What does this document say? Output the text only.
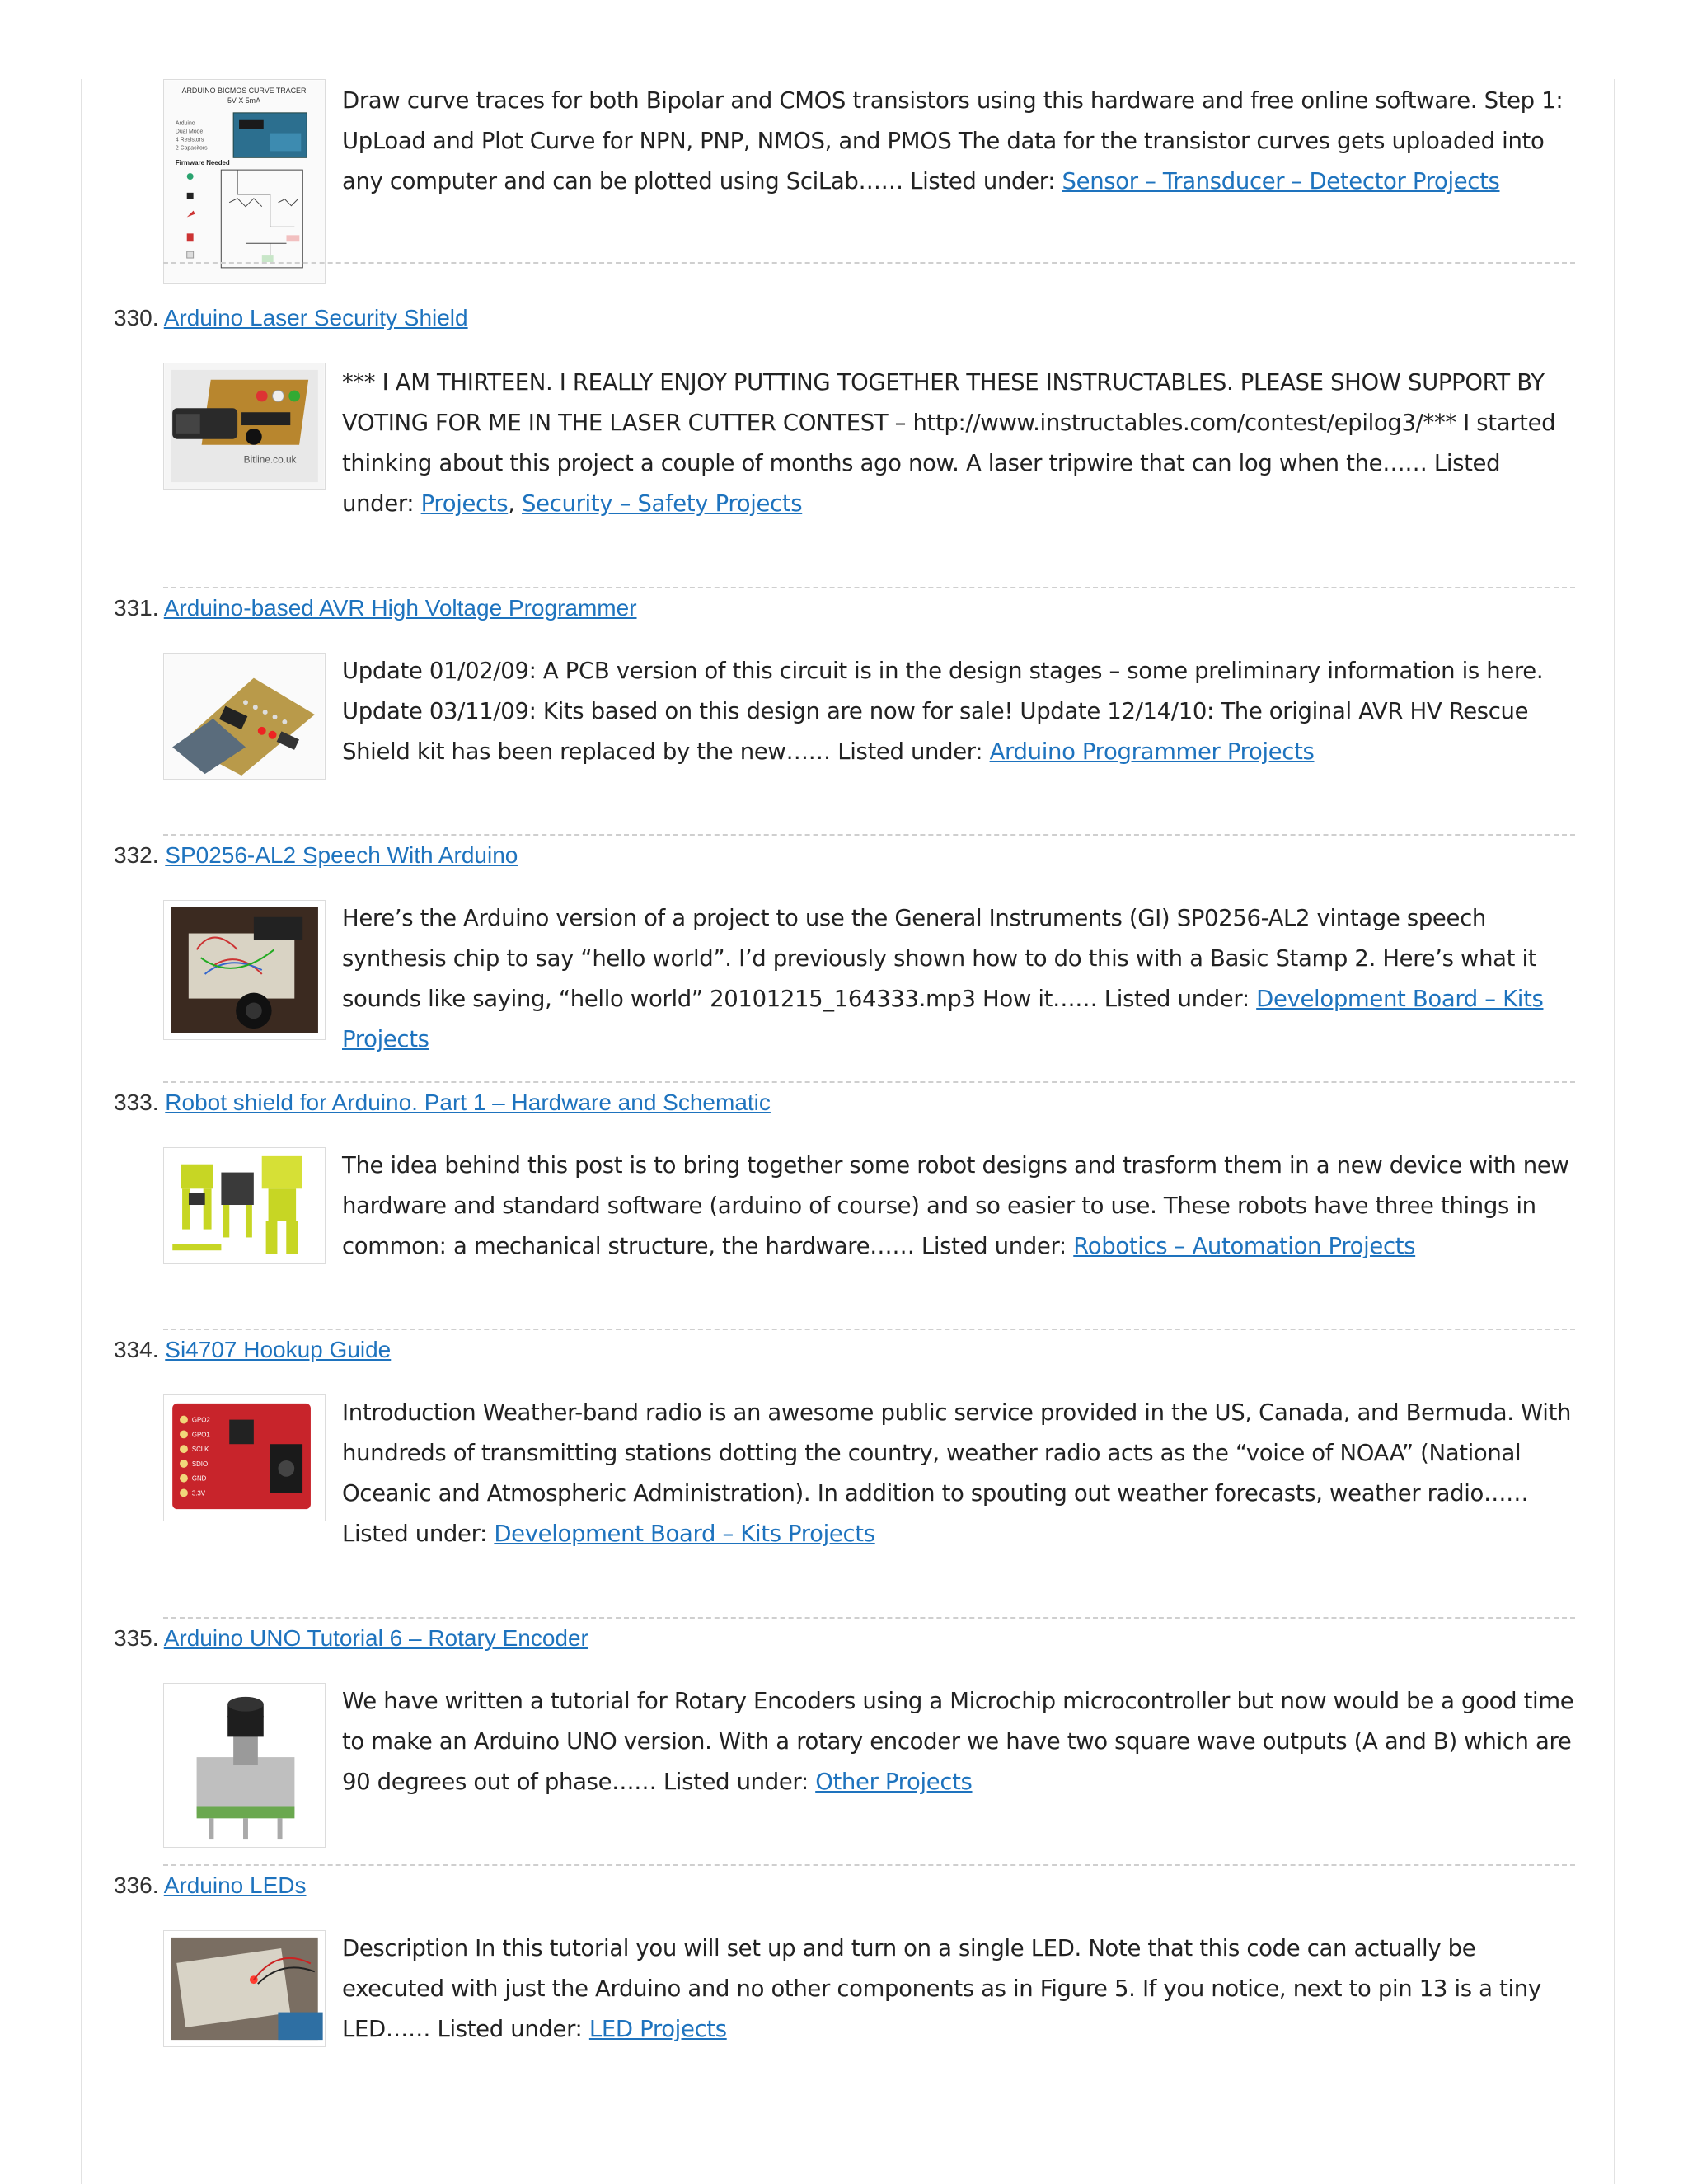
ARDUINO BICMOS CURVE TRACER
5V X 5mA
Arduino
Dual Mode
4 Resistors
2 Capacitors
Firmware Needed
Draw curve traces for both Bipolar and CMOS transistors using this hardware and free online software. Step 1: UpLoad and Plot Curve for NPN, PNP, NMOS, and PMOS The data for the transistor curves gets uploaded into any computer and can be plotted using SciLab…… Listed under: Sensor – Transducer – Detector Projects
330. Arduino Laser Security Shield
Bitline.co.uk
*** I AM THIRTEEN. I REALLY ENJOY PUTTING TOGETHER THESE INSTRUCTABLES. PLEASE SHOW SUPPORT BY VOTING FOR ME IN THE LASER CUTTER CONTEST – http://www.instructables.com/contest/epilog3/*** I started thinking about this project a couple of months ago now. A laser tripwire that can log when the…… Listed under: Projects, Security – Safety Projects
331. Arduino-based AVR High Voltage Programmer
Update 01/02/09: A PCB version of this circuit is in the design stages – some preliminary information is here. Update 03/11/09: Kits based on this design are now for sale! Update 12/14/10: The original AVR HV Rescue Shield kit has been replaced by the new…… Listed under: Arduino Programmer Projects
332. SP0256-AL2 Speech With Arduino
Here’s the Arduino version of a project to use the General Instruments (GI) SP0256-AL2 vintage speech synthesis chip to say “hello world”. I’d previously shown how to do this with a Basic Stamp 2. Here’s what it sounds like saying, “hello world” 20101215_164333.mp3 How it…… Listed under: Development Board – Kits Projects
333. Robot shield for Arduino. Part 1 – Hardware and Schematic
The idea behind this post is to bring together some robot designs and trasform them in a new device with new hardware and standard software (arduino of course) and so easier to use. These robots have three things in common: a mechanical structure, the hardware…… Listed under: Robotics – Automation Projects
334. Si4707 Hookup Guide
GPO2
GPO1
SCLK
SDIO
GND
3.3V
Introduction Weather-band radio is an awesome public service provided in the US, Canada, and Bermuda. With hundreds of transmitting stations dotting the country, weather radio acts as the “voice of NOAA” (National Oceanic and Atmospheric Administration). In addition to spouting out weather forecasts, weather radio…… Listed under: Development Board – Kits Projects
335. Arduino UNO Tutorial 6 – Rotary Encoder
We have written a tutorial for Rotary Encoders using a Microchip microcontroller but now would be a good time to make an Arduino UNO version. With a rotary encoder we have two square wave outputs (A and B) which are 90 degrees out of phase…… Listed under: Other Projects
336. Arduino LEDs
Description In this tutorial you will set up and turn on a single LED. Note that this code can actually be executed with just the Arduino and no other components as in Figure 5. If you notice, next to pin 13 is a tiny LED…… Listed under: LED Projects
